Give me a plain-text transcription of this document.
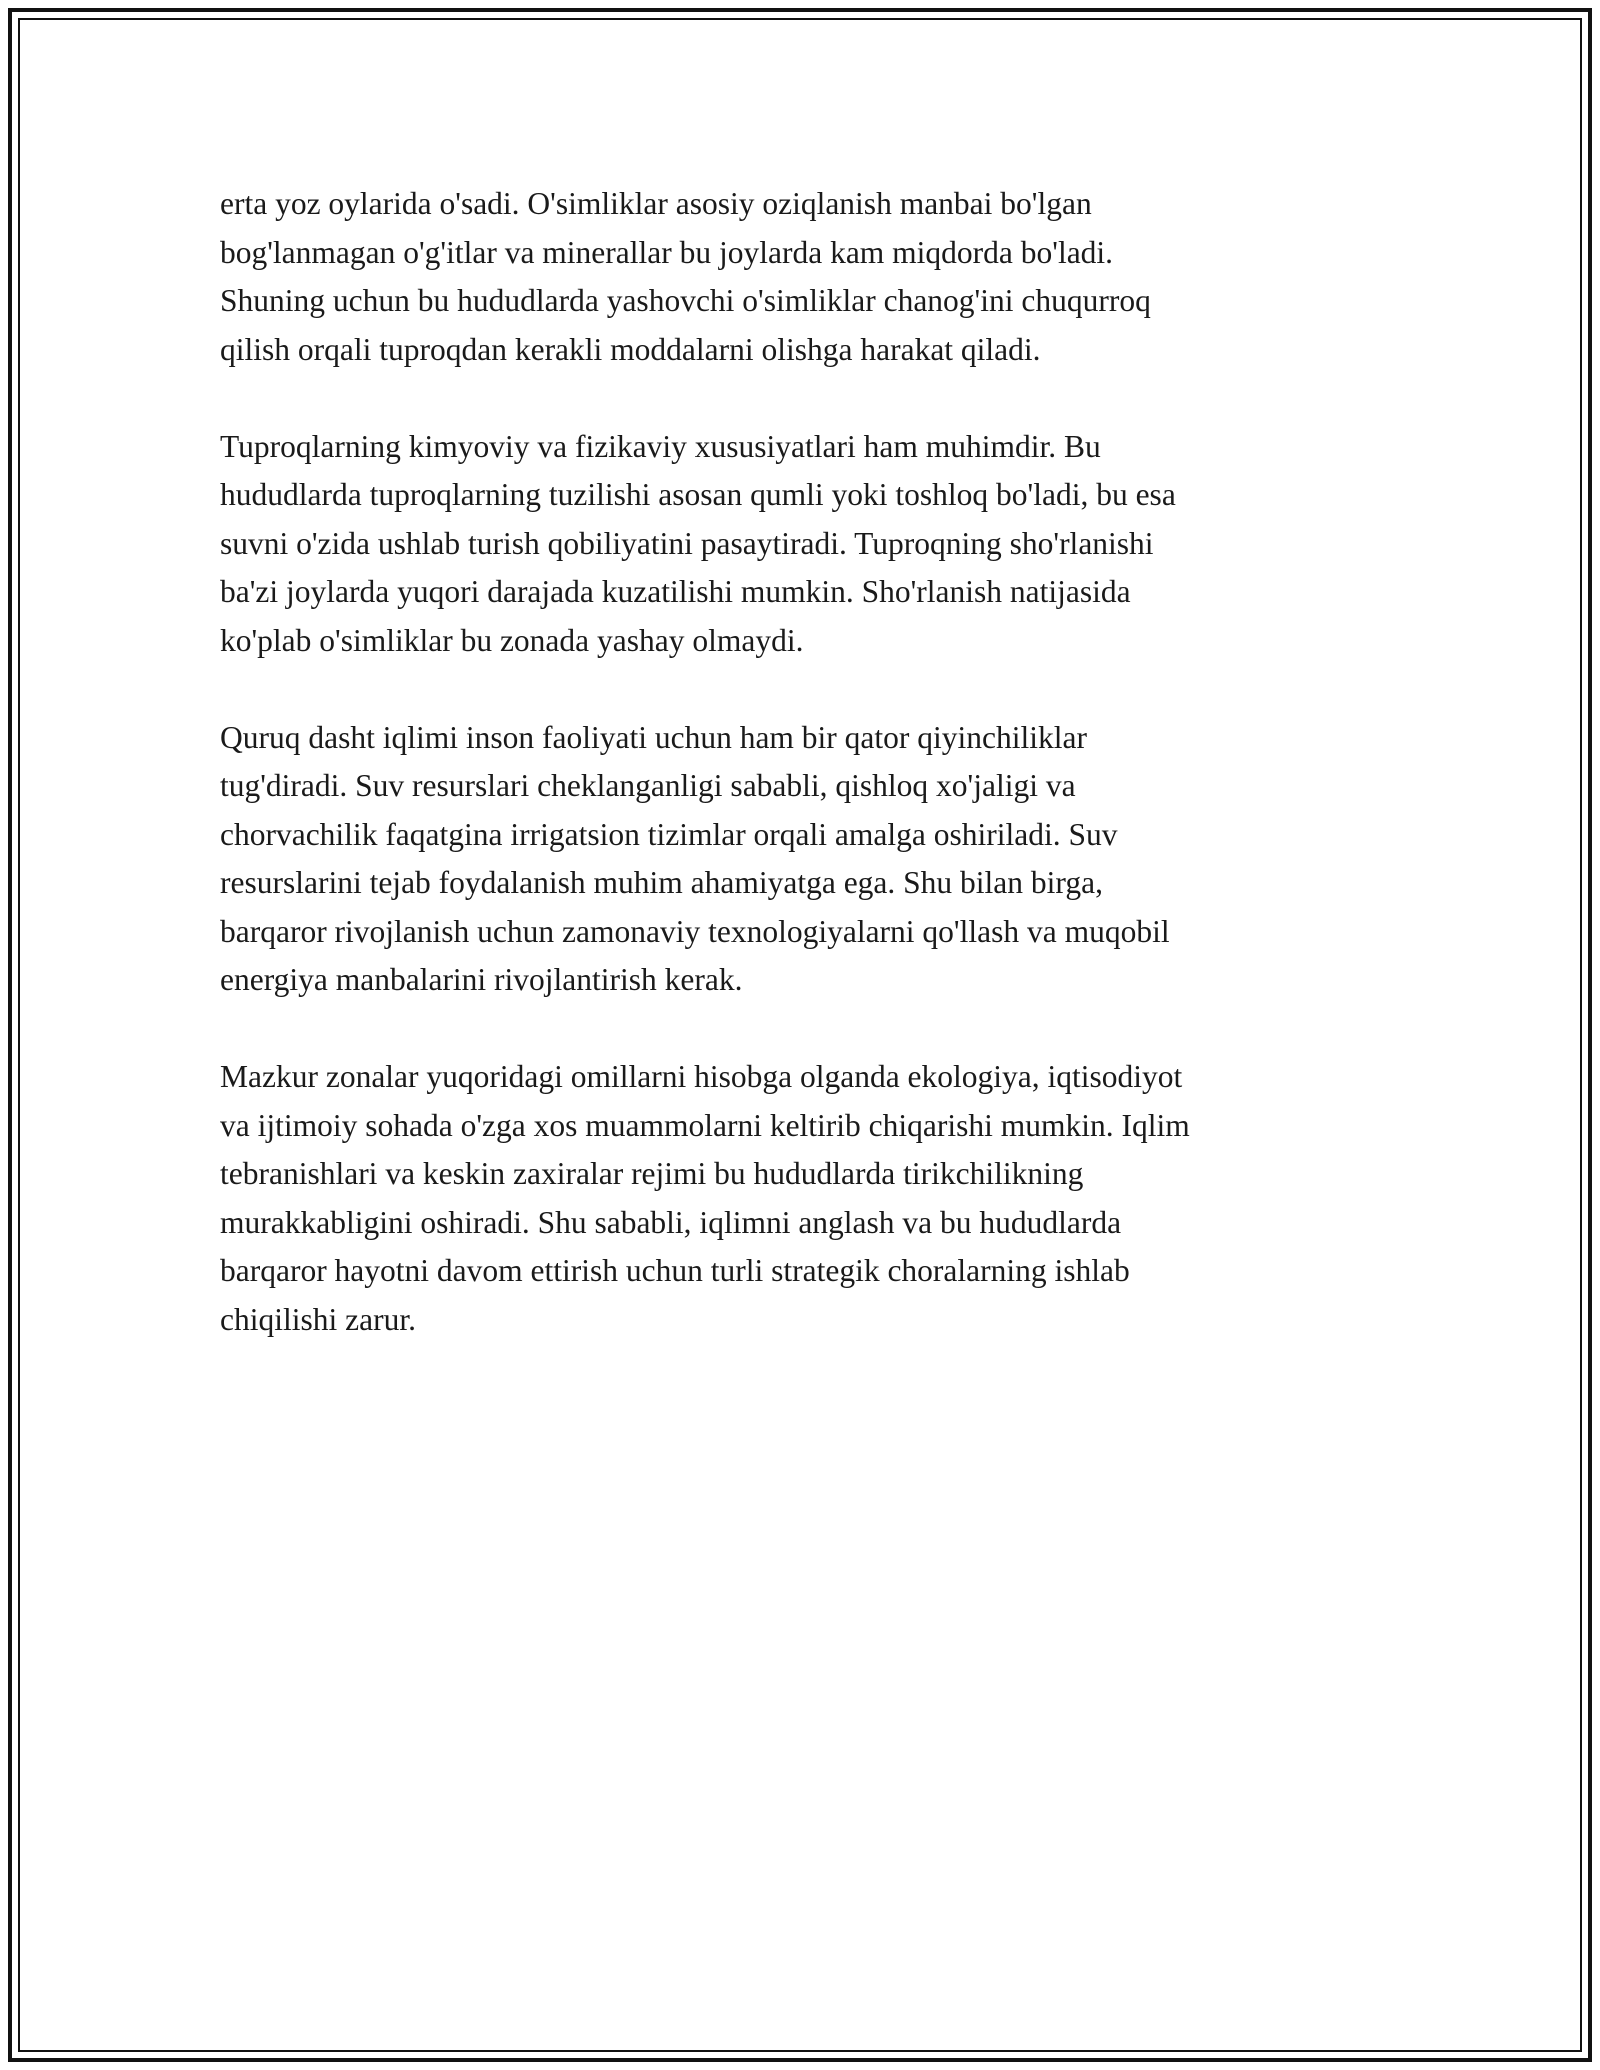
erta yoz oylarida o'sadi. O'simliklar asosiy oziqlanish manbai bo'lgan
bog'lanmagan o'g'itlar va minerallar bu joylarda kam miqdorda bo'ladi.
Shuning uchun bu hududlarda yashovchi o'simliklar chanog'ini chuqurroq
qilish orqali tuproqdan kerakli moddalarni olishga harakat qiladi.

Tuproqlarning kimyoviy va fizikaviy xususiyatlari ham muhimdir. Bu
hududlarda tuproqlarning tuzilishi asosan qumli yoki toshloq bo'ladi, bu esa
suvni o'zida ushlab turish qobiliyatini pasaytiradi. Tuproqning sho'rlanishi
ba'zi joylarda yuqori darajada kuzatilishi mumkin. Sho'rlanish natijasida
ko'plab o'simliklar bu zonada yashay olmaydi.

Quruq dasht iqlimi inson faoliyati uchun ham bir qator qiyinchiliklar
tug'diradi. Suv resurslari cheklanganligi sababli, qishloq xo'jaligi va
chorvachilik faqatgina irrigatsion tizimlar orqali amalga oshiriladi. Suv
resurslarini tejab foydalanish muhim ahamiyatga ega. Shu bilan birga,
barqaror rivojlanish uchun zamonaviy texnologiyalarni qo'llash va muqobil
energiya manbalarini rivojlantirish kerak.

Mazkur zonalar yuqoridagi omillarni hisobga olganda ekologiya, iqtisodiyot
va ijtimoiy sohada o'zga xos muammolarni keltirib chiqarishi mumkin. Iqlim
tebranishlari va keskin zaxiralar rejimi bu hududlarda tirikchilikning
murakkabligini oshiradi. Shu sababli, iqlimni anglash va bu hududlarda
barqaror hayotni davom ettirish uchun turli strategik choralarning ishlab
chiqilishi zarur.
